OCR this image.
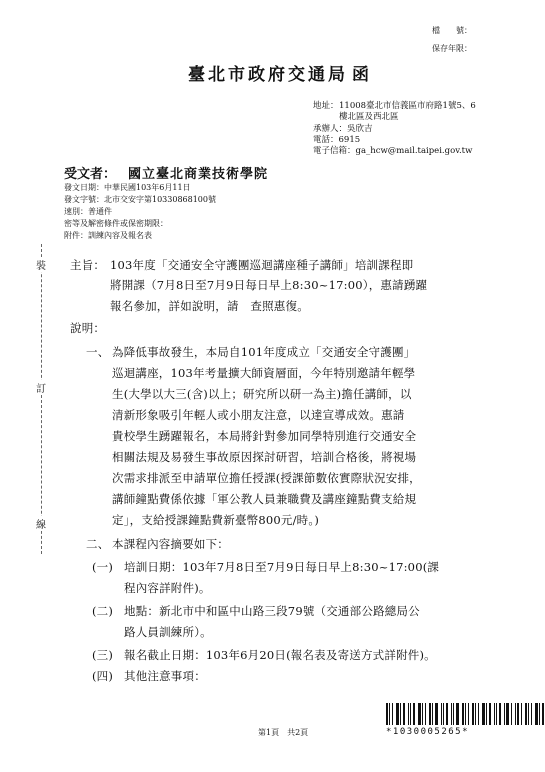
檔　　號：
保存年限：
臺北市政府交通局 函
地址： 11008臺北市信義區市府路1號5、6
樓北區及西北區
承辦人：吳欣吉
電話：6915
電子信箱：ga_hcw@mail.taipei.gov.tw
受文者： 國立臺北商業技術學院
發文日期：中華民國103年6月11日
發文字號：北市交安字第10330868100號
速別：普通件
密等及解密條件或保密期限：
附件：訓練內容及報名表
裝
訂
線
主旨： 103年度「交通安全守護團巡迴講座種子講師」培訓課程即
將開課（7月8日至7月9日每日早上8:30~17:00），惠請踴躍
報名參加，詳如說明，請　查照惠復。
說明：
一、 為降低事故發生，本局自101年度成立「交通安全守護團」
巡迴講座，103年考量擴大師資層面，今年特別邀請年輕學
生(大學以大三(含)以上；研究所以研一為主)擔任講師，以
清新形象吸引年輕人或小朋友注意，以達宣導成效。惠請
貴校學生踴躍報名，本局將針對參加同學特別進行交通安全
相關法規及易發生事故原因探討研習，培訓合格後，將視場
次需求排派至申請單位擔任授課(授課節數依實際狀況安排，
講師鐘點費係依據「軍公教人員兼職費及講座鐘點費支給規
定」，支給授課鐘點費新臺幣800元/時。)
二、 本課程內容摘要如下：
(一) 培訓日期：103年7月8日至7月9日每日早上8:30~17:00(課
程內容詳附件)。
(二) 地點：新北市中和區中山路三段79號（交通部公路總局公
路人員訓練所）。
(三) 報名截止日期：103年6月20日(報名表及寄送方式詳附件)。
(四) 其他注意事項：
第1頁　共2頁	*1030005265*
